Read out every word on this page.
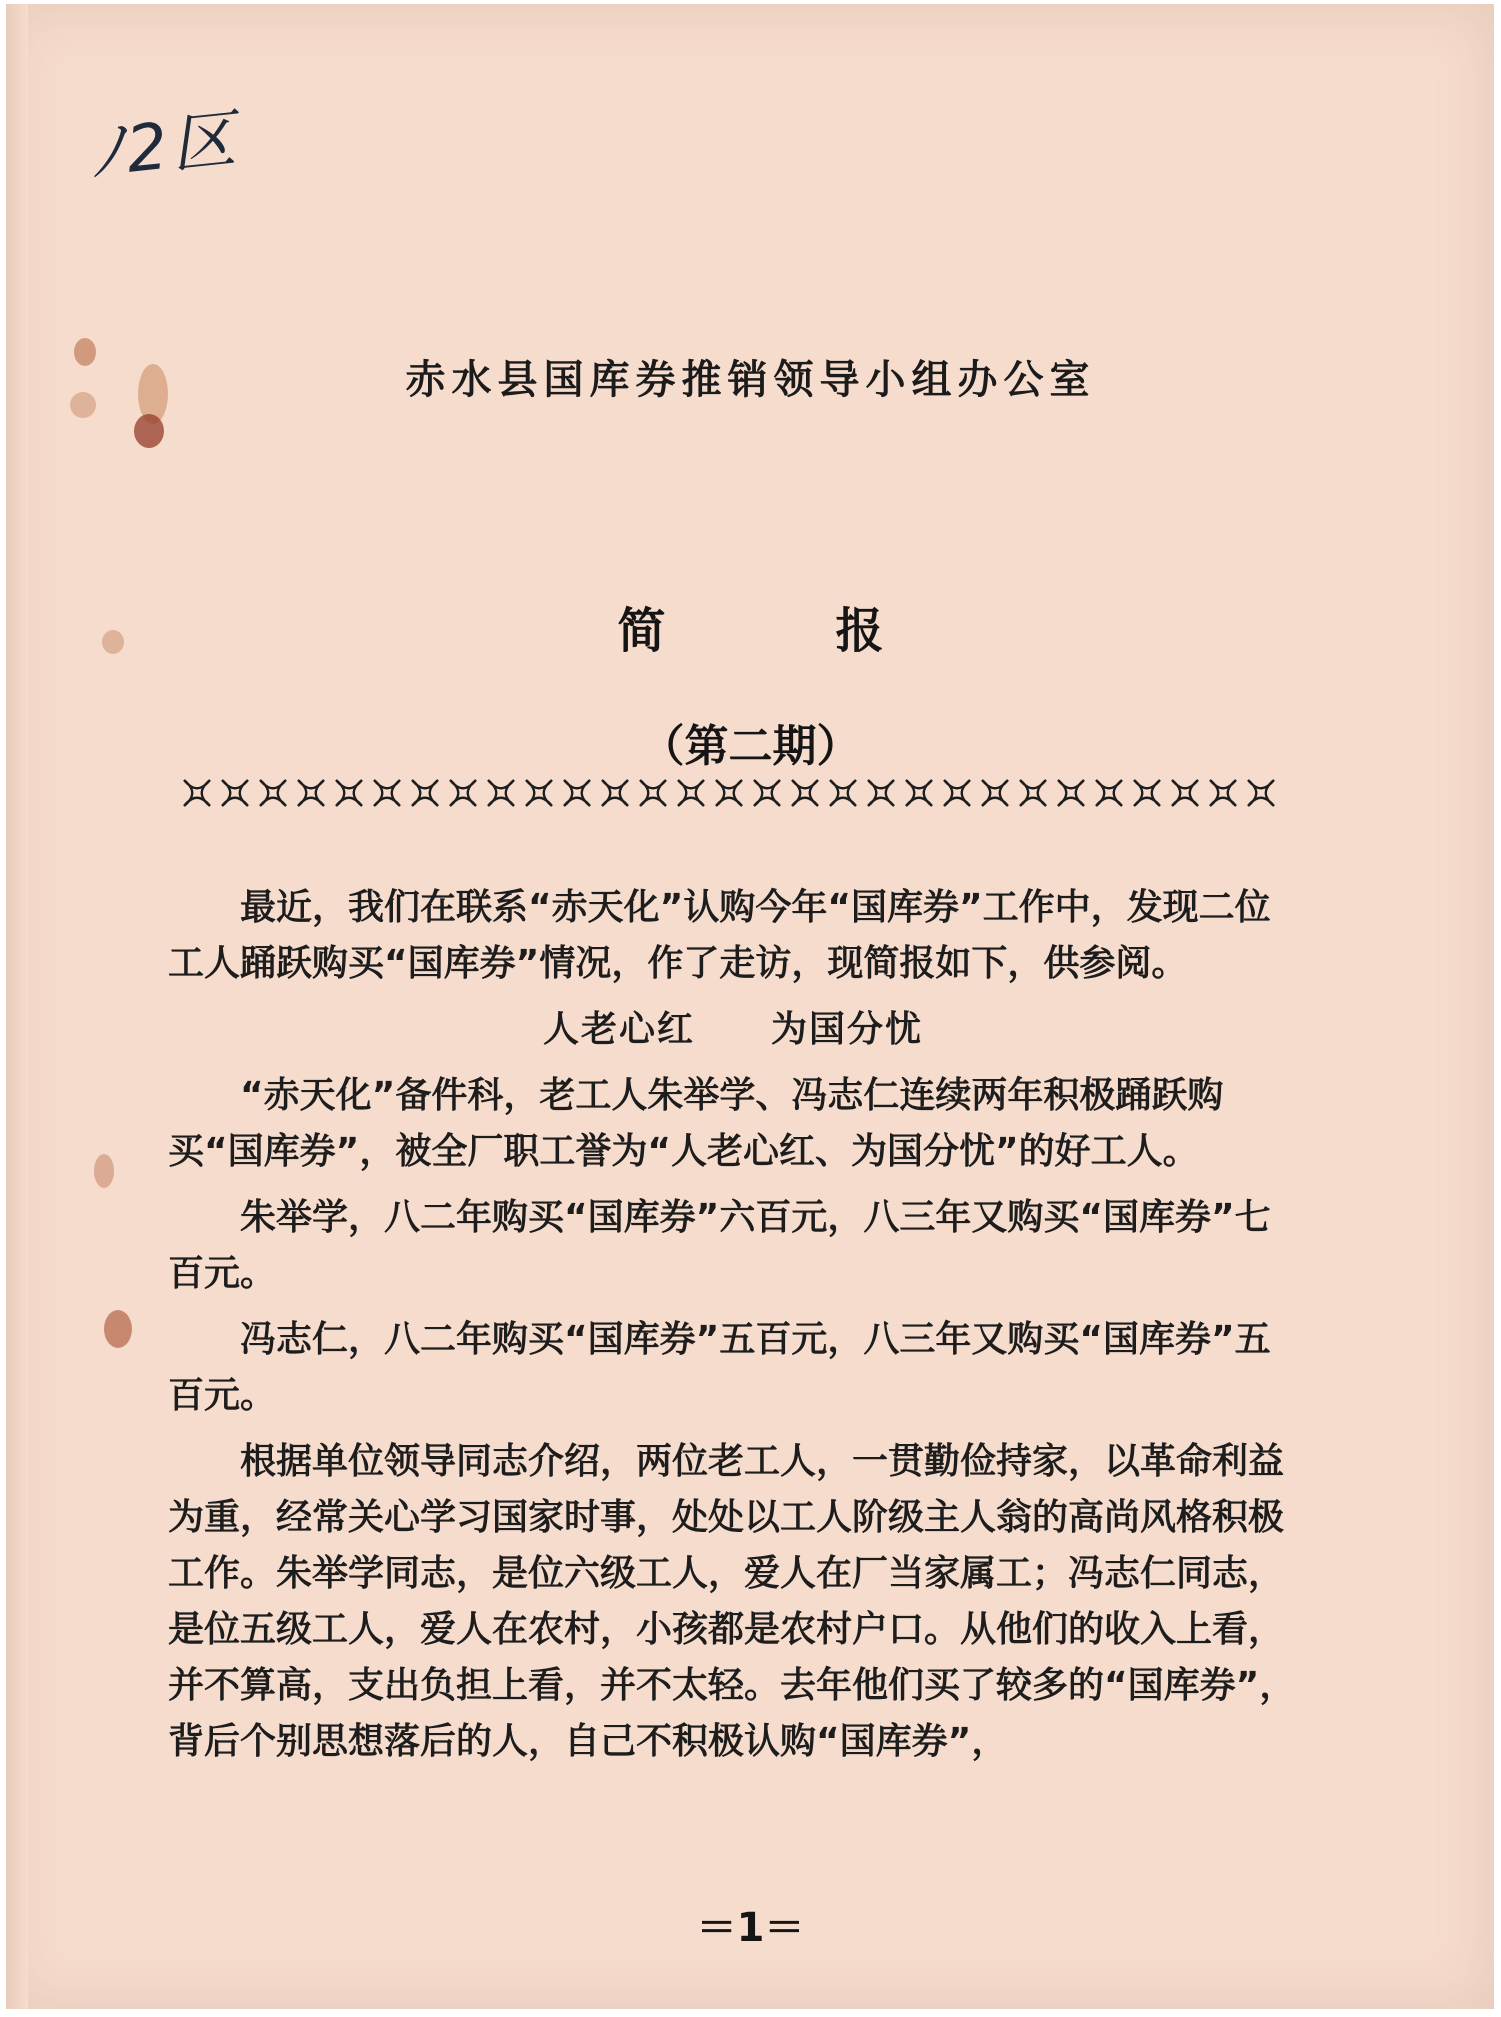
ﾉ2区
赤水县国库券推销领导小组办公室
简报
（第二期）

最近，我们在联系“赤天化”认购今年“国库券”工作中，发现二位工人踊跃购买“国库券”情况，作了走访，现简报如下，供参阅。

人老心红　　为国分忧

“赤天化”备件科，老工人朱举学、冯志仁连续两年积极踊跃购买“国库券”，被全厂职工誉为“人老心红、为国分忧”的好工人。

朱举学，八二年购买“国库券”六百元，八三年又购买“国库券”七百元。

冯志仁，八二年购买“国库券”五百元，八三年又购买“国库券”五百元。

根据单位领导同志介绍，两位老工人，一贯勤俭持家，以革命利益为重，经常关心学习国家时事，处处以工人阶级主人翁的高尚风格积极工作。朱举学同志，是位六级工人，爱人在厂当家属工；冯志仁同志，是位五级工人，爱人在农村，小孩都是农村户口。从他们的收入上看，并不算高，支出负担上看，并不太轻。去年他们买了较多的“国库券”，背后个别思想落后的人，自己不积极认购“国库券”，

＝1＝
